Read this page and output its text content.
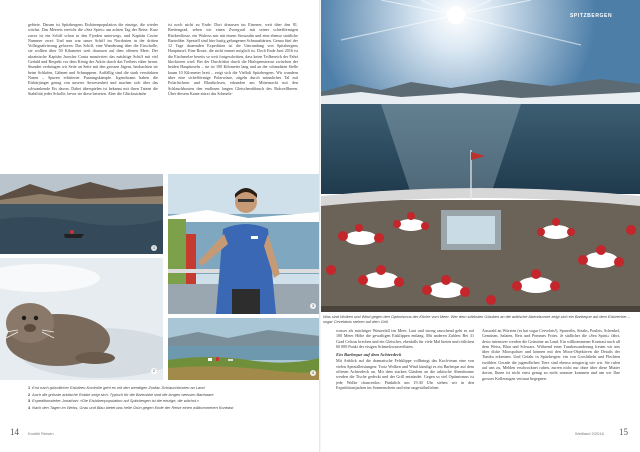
gebiete. Darum ist Spitzbergens Eisbärenpopulation die einzige, die wieder wächst. Das Meereis erreicht die »Sea Spirit« am achten Tag der Reise. Kurz zuvor ist ein Schiff schon in den Fjorden unterwegs, und Kapitän Cruise Nummer zwei: Und nun war unser Schiff im Nordosten in der dritten Vollsignalvierung gefroren. Das Schiff, eine Wanderung über die Eisscholle, sie wollten über 50 Kilometer weit draussen auf dem offenen Meer. Der ukrainische Kapitän Jaroslav Conta manövriert das mächtige Schiff mit viel Geduld und Respekt vor dem König der Arktis durch das Treibeis rüber heran. Stunden verbringen wir Seite an Seite mit den grossen Jägern, beobachten sie beim Schlafen, Gähnen und Schnuppern. Auffällig sind die stark verstärkten Nasen – Spuren erbitterter Paarungskämpfe. Irgendwann haben die Eisbärjünger genug von unserer Anwesenheit und machen sich über das schwankende Eis davon. Dabei überspielen ist bekannt mit ihren Tatzen die Stabilität jeder Scholle, bevor sie diese betreten. Aber die Glücksstränhe

ist noch nicht zu Ende: Dort draussen im Eismeer, weit über den 81. Breitengrad, sehen wir einen Zwergwal mit seiner schiefförmigen Rückenflosse, ein Walross mir mit einem Stosszahn und eine ebenso stattliche Bartrobbe. Speziell sind hier lustig gelungenen Schnauzbärten. Genau fünf der 12 Tage dauernden Expedition ist die Umrundung von Spitzbergens Hauptinsel. Eine Route, die nicht immer möglich ist. Doch Ende Juni 2016 ist die Eischmelze bereits so weit fortgeschritten, dass keine Teilbereich der Fahrt blockieren wird. Bei der Durchfahrt durch die Hinlopenstrasse zwischen der beiden Hauptinseln – sie ist 100 Kilometer lang und an der schmalsten Stelle kaum 10 Kilometer breit – zeigt sich die Vielfalt Spitzbergens. Wir wandern über eine sichelförmige Polarwüste, zügeln durch männliches Tal mit Polarfüchsen und Blaufüchsen, erkunden am Mitternacht mit den Schlauchbooten den endlosen langen Gletscherabbruch des Bråsvellbreen. Über diesem Kante stürzt das Schmelz-

1
2
3
4
1 Erst nach gründlicher Eisbären-Kontrolle geht es mit den wendigen Zodiac-Schlauchbooten an Land
2 Auch die grösste arktische Robbe zeigt sich: Typisch für die Bartrobbe sind die langen weissen Barthaare
3 Expeditionsleiter Jonathan: «Die Eisbärenpopulation auf Spitzbergen ist die einzige, die wächst.»
4 Nach den Tagen im Weiss, Grau und Blau bietet das helle Grün gegen Ende der Reise einen willkommenen Kontrast
14 Kontiki Reisen
SPITZBERGEN
Was sind Wolken und Wind gegen den Optimismus der Köche vom Meer. Wer dem stärksten Glauben an die arktische Abendsonne zeigt sich ein Barbeque auf dem Eisbrecher – sogar Cevelatsis stehen auf dem Grill.

wasser als mächtiger Wasserfall ins Meer. Laut und strong rauschend geht es auf 100 Meter Höhe die gewaltigen Eisklippen entlang. Mit anderen Zahlen: Bei 31 Grad Celsius brechen und ein Gletscher, ebenfalls für viele Mal bieten und rötlichen 60 000 Punkt der eisigen Schmelzwasserfluten.

Ein Barbeque auf dem Achterdeck

Mit Anblick auf die dramatische Felsklippe vollbringt das Koch-team eine von vielen Spezialleistungen: Trotz Wolken und Wind kündigt es ein Barbeque auf dem offenen Achterdeck an. Mit dem starken Glauben an die arktische Abendsonne werden die Tische gedeckt und der Grill entzündet. Gegen so viel Optimismus ist jede Wolke chancenlos: Pünktlich um 19.30 Uhr stehen wir in den Expeditionsjacken im Sonnenschein und eine ungewöhnlichen

Auswahl an Würsten (es hat sogar Cervelats!), Spareribs, Steaks, Poulets, Schenkel, Gemüsen, Salaten, Reis und Pommes Frites. Je südlicher die »Sea Spirit« fährt, desto intensiver werden die Grüntöne an Land. Ein willkommener Kontrast nach all dem Weiss, Blau und Schwarz. Während einer Tundrawanderung freuen wir uns über dicke Moospolster und können mit den Moos-Objektiven die Details der Tundra erkennen. Und Gefahr in Spitzbergen: ein von Groslitheln und Flechten erzählen. Gerade die jugendlichen Tiere sind ebenso neugierig wie wir. Sie rufen auf uns zu, Melden erschrocknet ruhen, zurren nicht nur ohne über diese Mutter davon, Ihnen ist nicht ernst genug zu nicht sommer kommen und um wir Ihre grosses Kolleraugen vertraut begegnen.

Weltland 2/2016 15
